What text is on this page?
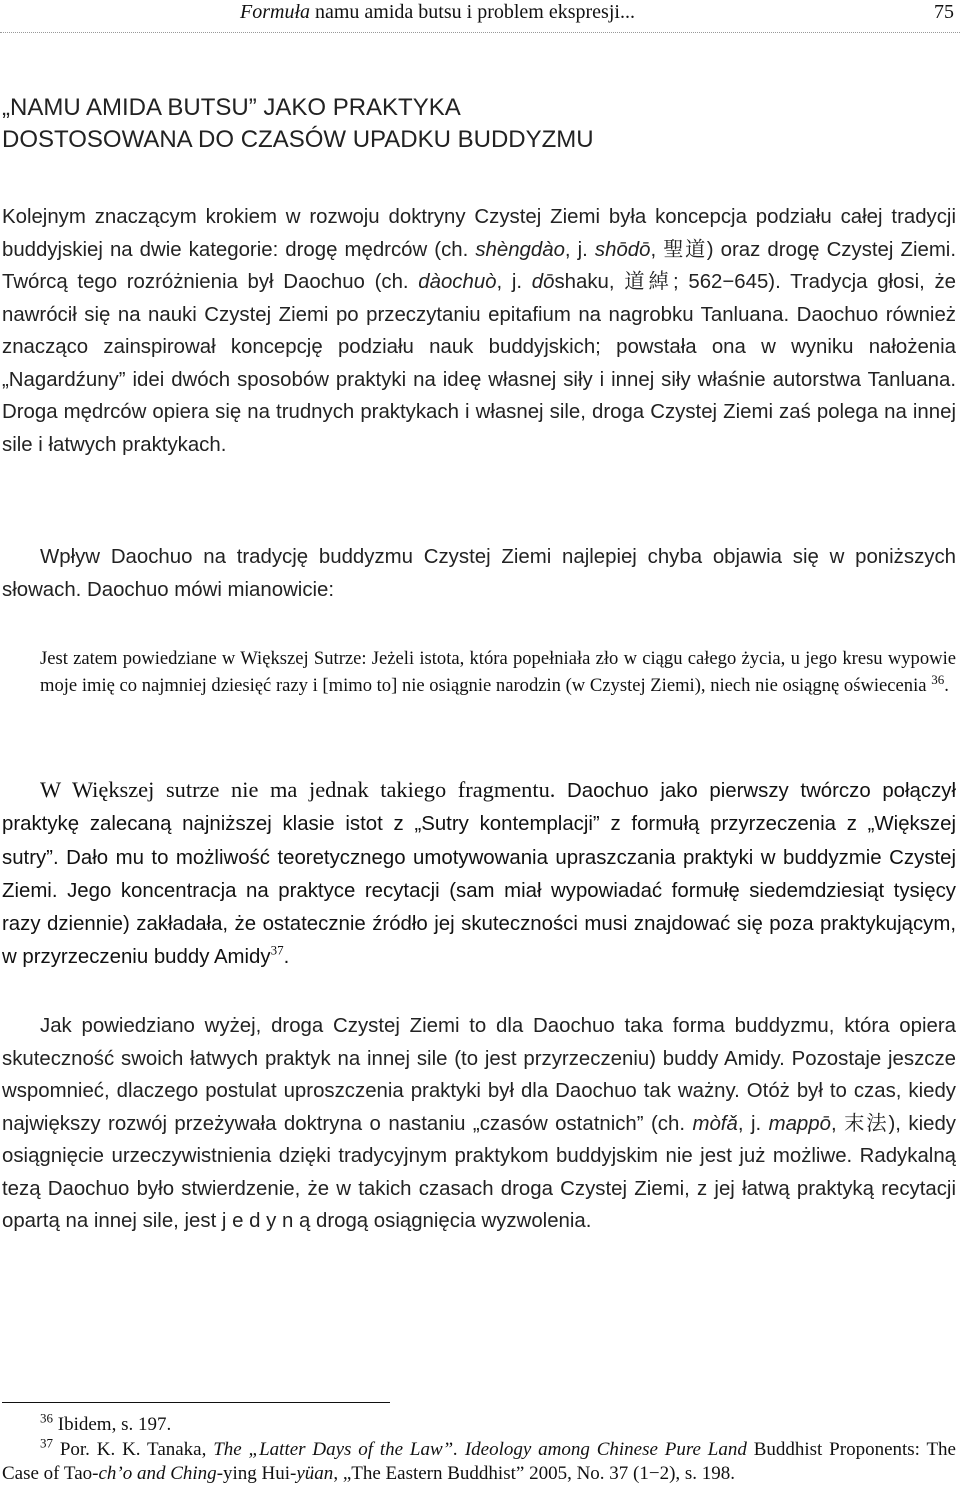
Formuła namu amida butsu i problem ekspresji...	75
„NAMU AMIDA BUTSU” JAKO PRAKTYKA
DOSTOSOWANA DO CZASÓW UPADKU BUDDYZMU

Kolejnym znaczącym krokiem w rozwoju doktryny Czystej Ziemi była koncepcja podziału całej tradycji buddyjskiej na dwie kategorie: drogę mędrców (ch. shèngdào, j. shōdō, 聖道) oraz drogę Czystej Ziemi. Twórcą tego rozróżnienia był Daochuo (ch. dàochuò, j. dōshaku, 道綽; 562−645). Tradycja głosi, że nawrócił się na nauki Czystej Ziemi po przeczytaniu epitafium na nagrobku Tanluana. Daochuo również znacząco zainspirował koncepcję podziału nauk buddyjskich; powstała ona w wyniku nałożenia „Nagardźuny” idei dwóch sposobów praktyki na ideę własnej siły i innej siły właśnie autorstwa Tanluana. Droga mędrców opiera się na trudnych praktykach i własnej sile, droga Czystej Ziemi zaś polega na innej sile i łatwych praktykach.

Wpływ Daochuo na tradycję buddyzmu Czystej Ziemi najlepiej chyba objawia się w poniższych słowach. Daochuo mówi mianowicie:

Jest zatem powiedziane w Większej Sutrze: Jeżeli istota, która popełniała zło w ciągu całego życia, u jego kresu wypowie moje imię co najmniej dziesięć razy i [mimo to] nie osiągnie narodzin (w Czystej Ziemi), niech nie osiągnę oświecenia $^{36}$.

W Większej sutrze nie ma jednak takiego fragmentu. Daochuo jako pierwszy twórczo połączył praktykę zalecaną najniższej klasie istot z „Sutry kontemplacji” z formułą przyrzeczenia z „Większej sutry”. Dało mu to możliwość teoretycznego umotywowania upraszczania praktyki w buddyzmie Czystej Ziemi. Jego koncentracja na praktyce recytacji (sam miał wypowiadać formułę siedemdziesiąt tysięcy razy dziennie) zakładała, że ostatecznie źródło jej skuteczności musi znajdować się poza praktykującym, w przyrzeczeniu buddy Amidy$^{37}$.

Jak powiedziano wyżej, droga Czystej Ziemi to dla Daochuo taka forma buddyzmu, która opiera skuteczność swoich łatwych praktyk na innej sile (to jest przyrzeczeniu) buddy Amidy. Pozostaje jeszcze wspomnieć, dlaczego postulat uproszczenia praktyki był dla Daochuo tak ważny. Otóż był to czas, kiedy największy rozwój przeżywała doktryna o nastaniu „czasów ostatnich” (ch. mòfǎ, j. mappō, 末法), kiedy osiągnięcie urzeczywistnienia dzięki tradycyjnym praktykom buddyjskim nie jest już możliwe. Radykalną tezą Daochuo było stwierdzenie, że w takich czasach droga Czystej Ziemi, z jej łatwą praktyką recytacji opartą na innej sile, jest j e d y n ą drogą osiągnięcia wyzwolenia.

$^{36}$ Ibidem, s. 197.

$^{37}$ Por. K. K. Tanaka, The „Latter Days of the Law”. Ideology among Chinese Pure Land Buddhist Proponents: The Case of Tao-ch’o and Ching-ying Hui-yüan, „The Eastern Buddhist” 2005, No. 37 (1−2), s. 198.
